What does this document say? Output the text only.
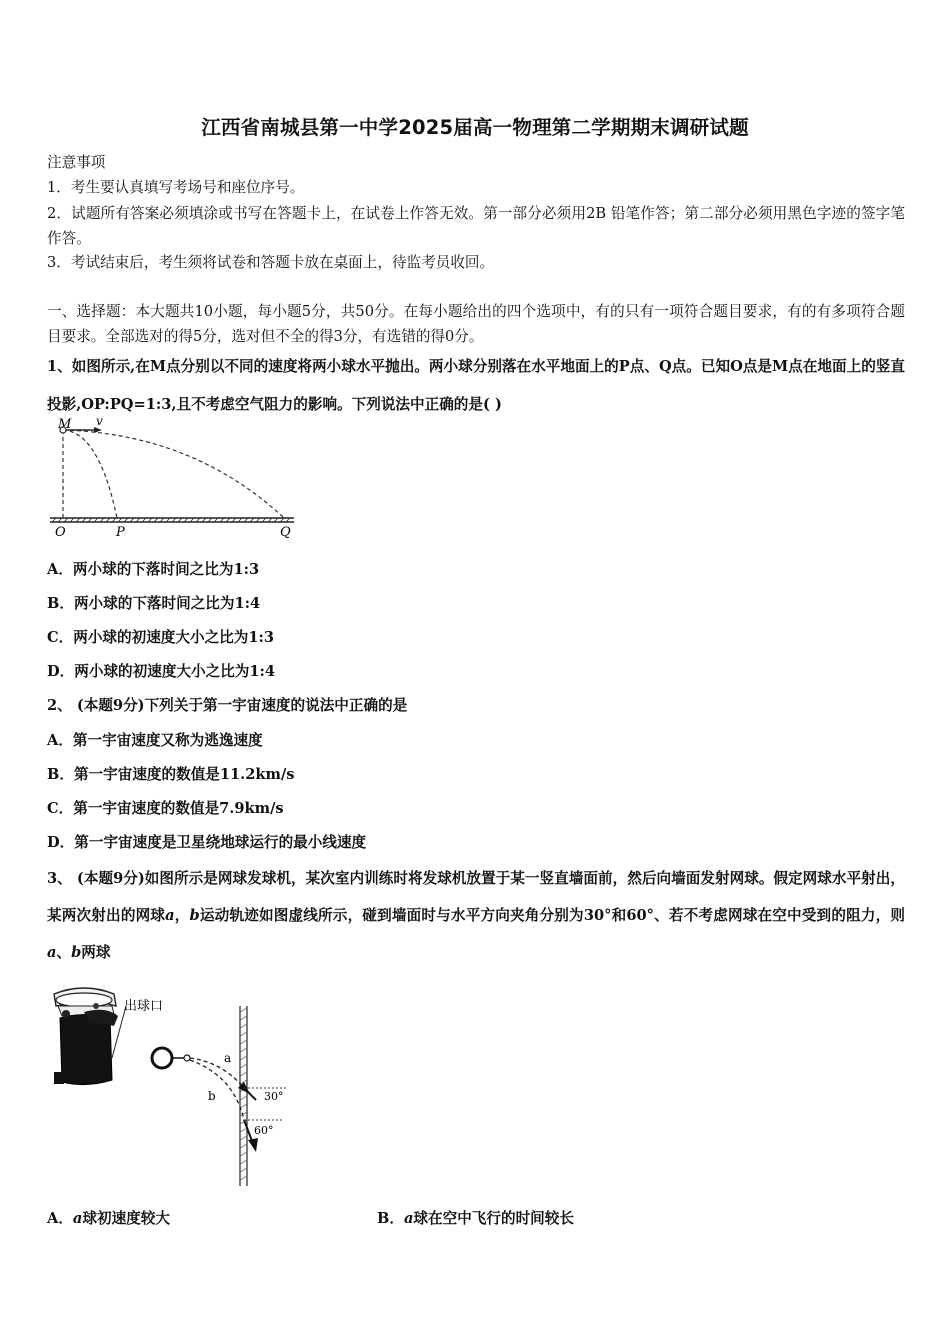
江西省南城县第一中学2025届高一物理第二学期期末调研试题
注意事项
1．考生要认真填写考场号和座位序号。
2．试题所有答案必须填涂或书写在答题卡上，在试卷上作答无效。第一部分必须用2B 铅笔作答；第二部分必须用黑色字迹的签字笔作答。
3．考试结束后，考生须将试卷和答题卡放在桌面上，待监考员收回。
一、选择题：本大题共10小题，每小题5分，共50分。在每小题给出的四个选项中，有的只有一项符合题目要求，有的有多项符合题目要求。全部选对的得5分，选对但不全的得3分，有选错的得0分。
1、如图所示,在M点分别以不同的速度将两小球水平抛出。两小球分别落在水平地面上的P点、Q点。已知O点是M点在地面上的竖直投影,OP:PQ=1:3,且不考虑空气阻力的影响。下列说法中正确的是( )
M v
O	P	Q
A．两小球的下落时间之比为1:3
B．两小球的下落时间之比为1:4
C．两小球的初速度大小之比为1:3
D．两小球的初速度大小之比为1:4
2、 (本题9分)下列关于第一宇宙速度的说法中正确的是
A．第一宇宙速度又称为逃逸速度
B．第一宇宙速度的数值是11.2km/s
C．第一宇宙速度的数值是7.9km/s
D．第一宇宙速度是卫星绕地球运行的最小线速度
3、 (本题9分)如图所示是网球发球机，某次室内训练时将发球机放置于某一竖直墙面前，然后向墙面发射网球。假定网球水平射出，某两次射出的网球a，b运动轨迹如图虚线所示，碰到墙面时与水平方向夹角分别为30°和60°、若不考虑网球在空中受到的阻力，则a、b两球
出球口
a
b	30°
60°
A．a球初速度较大	B．a球在空中飞行的时间较长
